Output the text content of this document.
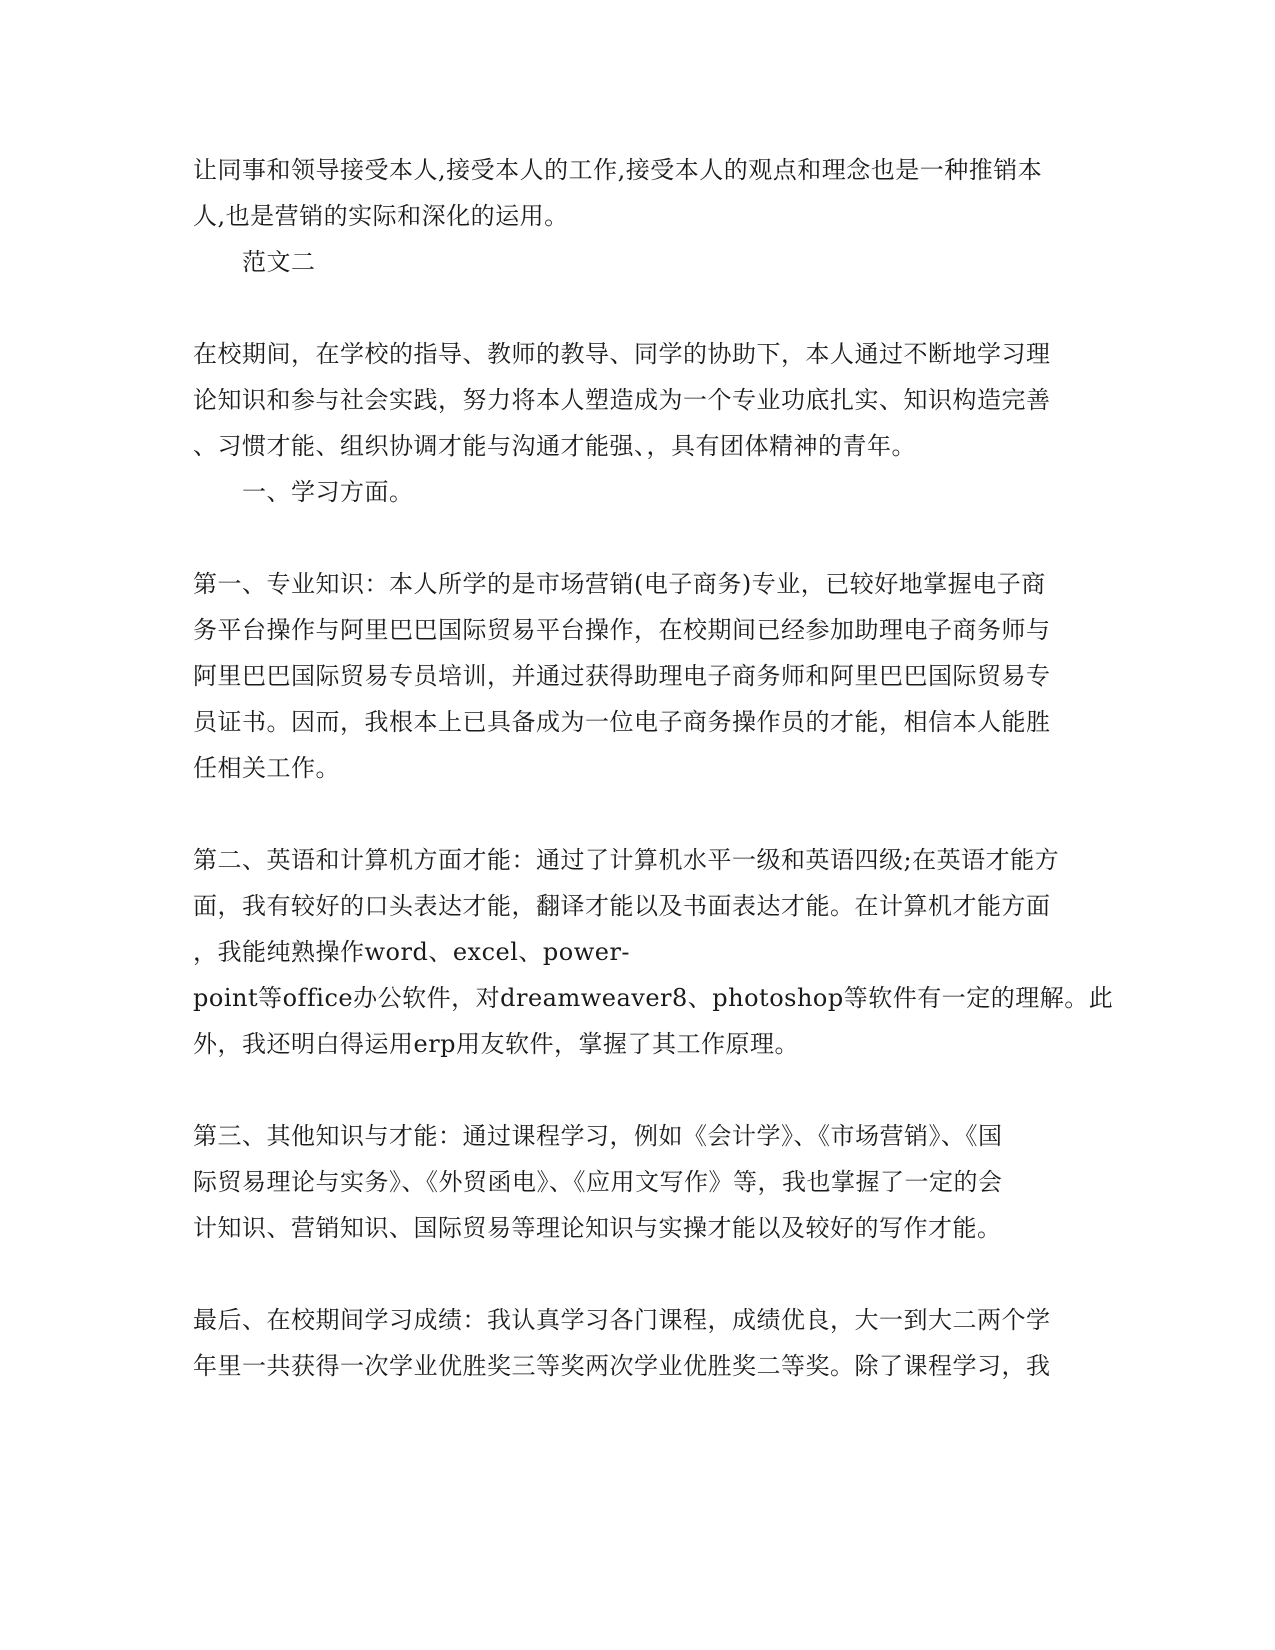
让同事和领导接受本人,接受本人的工作,接受本人的观点和理念也是一种推销本
人,也是营销的实际和深化的运用。
范文二
在校期间，在学校的指导、教师的教导、同学的协助下，本人通过不断地学习理
论知识和参与社会实践，努力将本人塑造成为一个专业功底扎实、知识构造完善
、习惯才能、组织协调才能与沟通才能强、，具有团体精神的青年。
一、学习方面。
第一、专业知识：本人所学的是市场营销(电子商务)专业，已较好地掌握电子商
务平台操作与阿里巴巴国际贸易平台操作，在校期间已经参加助理电子商务师与
阿里巴巴国际贸易专员培训，并通过获得助理电子商务师和阿里巴巴国际贸易专
员证书。因而，我根本上已具备成为一位电子商务操作员的才能，相信本人能胜
任相关工作。
第二、英语和计算机方面才能：通过了计算机水平一级和英语四级;在英语才能方
面，我有较好的口头表达才能，翻译才能以及书面表达才能。在计算机才能方面
，我能纯熟操作word、excel、power-
point等office办公软件，对dreamweaver8、photoshop等软件有一定的理解。此
外，我还明白得运用erp用友软件，掌握了其工作原理。
第三、其他知识与才能：通过课程学习，例如《会计学》、《市场营销》、《国
际贸易理论与实务》、《外贸函电》、《应用文写作》等，我也掌握了一定的会
计知识、营销知识、国际贸易等理论知识与实操才能以及较好的写作才能。
最后、在校期间学习成绩：我认真学习各门课程，成绩优良，大一到大二两个学
年里一共获得一次学业优胜奖三等奖两次学业优胜奖二等奖。除了课程学习，我
